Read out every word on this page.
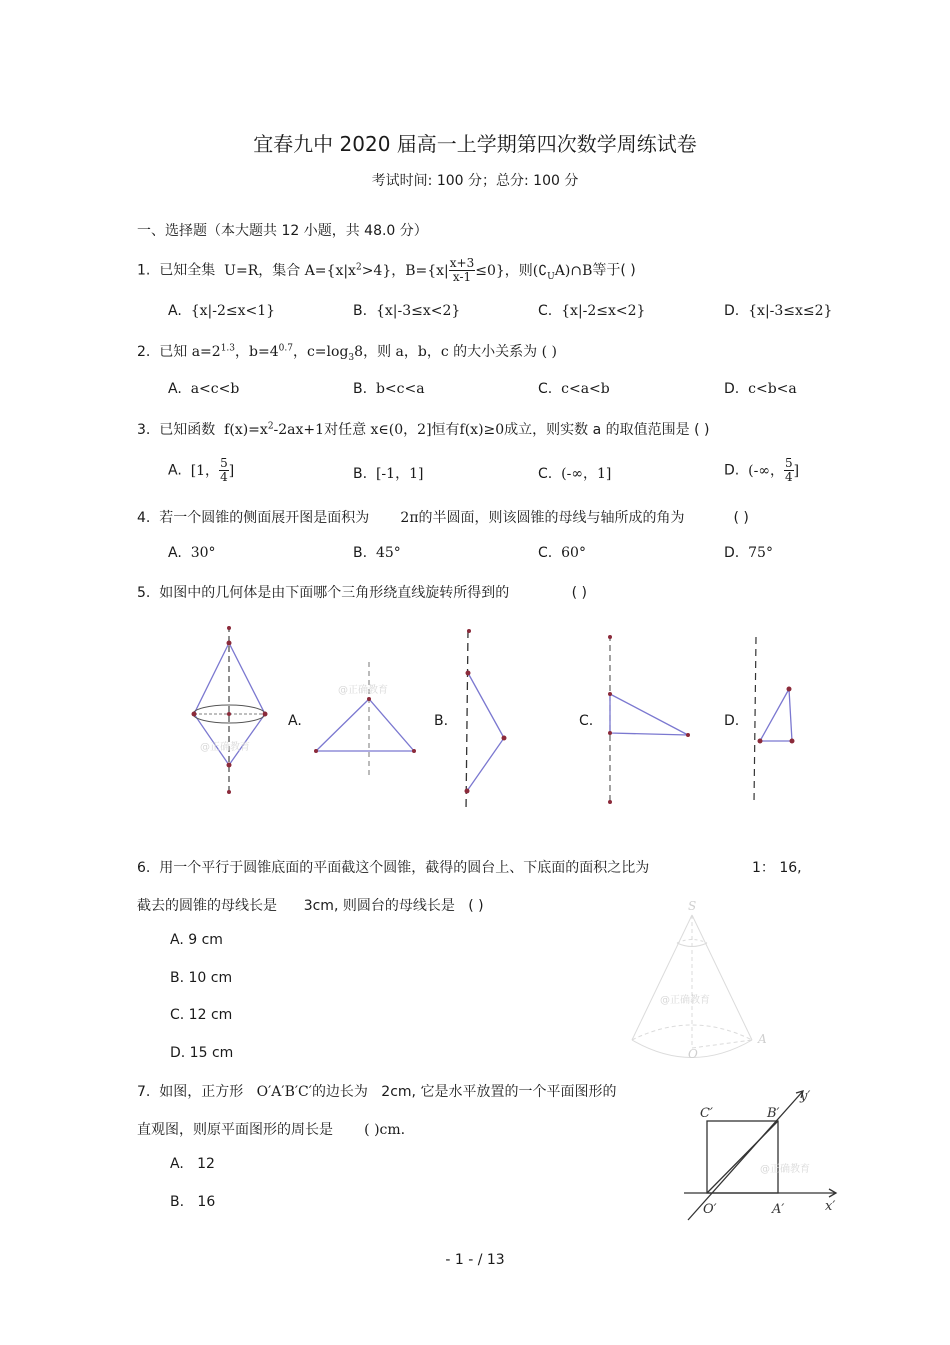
宜春九中 2020 届高一上学期第四次数学周练试卷
考试时间: 100 分；总分: 100 分
一、选择题（本大题共 12 小题，共 48.0 分）
1. 已知全集 U=R，集合 $A=\{x|x^2>4\}$，$B=\{x| \frac{x+3}{x-1} \le 0\}$，则$(∁_UA)\cap B$等于( )
A. {x|-2≤x<1}	B. {x|-3≤x<2}	C. {x|-2≤x<2}	D. {x|-3≤x≤2}
2. 已知 $a=2^{1.3}$，$b=4^{0.7}$，$c=\log_38$，则 a，b，c 的大小关系为 ( )
A. a<c<b	B. b<c<a	C. c<a<b	D. c<b<a
3. 已知函数 $f(x)=x^2-2ax+1$对任意 x∈(0，2]恒有f(x)≥0成立，则实数 a 的取值范围是 ( )
A. [1， $\frac{5}{4}$ ]	B. [-1，1]	C. (-∞，1]	D. (-∞， $\frac{5}{4}$ ]
4. 若一个圆锥的侧面展开图是面积为 2π的半圆面，则该圆锥的母线与轴所成的角为	( )
A. 30°	B. 45°	C. 60°	D. 75°
5. 如图中的几何体是由下面哪个三角形绕直线旋转所得到的	( )
@正确教育
@正确教育
A.	B.	C.	D.
6. 用一个平行于圆锥底面的平面截这个圆锥，截得的圆台上、下底面的面积之比为	1： 16,
截去的圆锥的母线长是 3cm, 则圆台的母线长是 ( )
A. 9 cm
B. 10 cm
C. 12 cm
D. 15 cm
S
O
A
@正确教育
7. 如图，正方形 O′A′B′C′的边长为 2cm, 它是水平放置的一个平面图形的
直观图，则原平面图形的周长是 ( )cm.
A. 12
B. 16
C′	B′
y′
O′	A′	x′
@正确教育
- 1 - / 13
